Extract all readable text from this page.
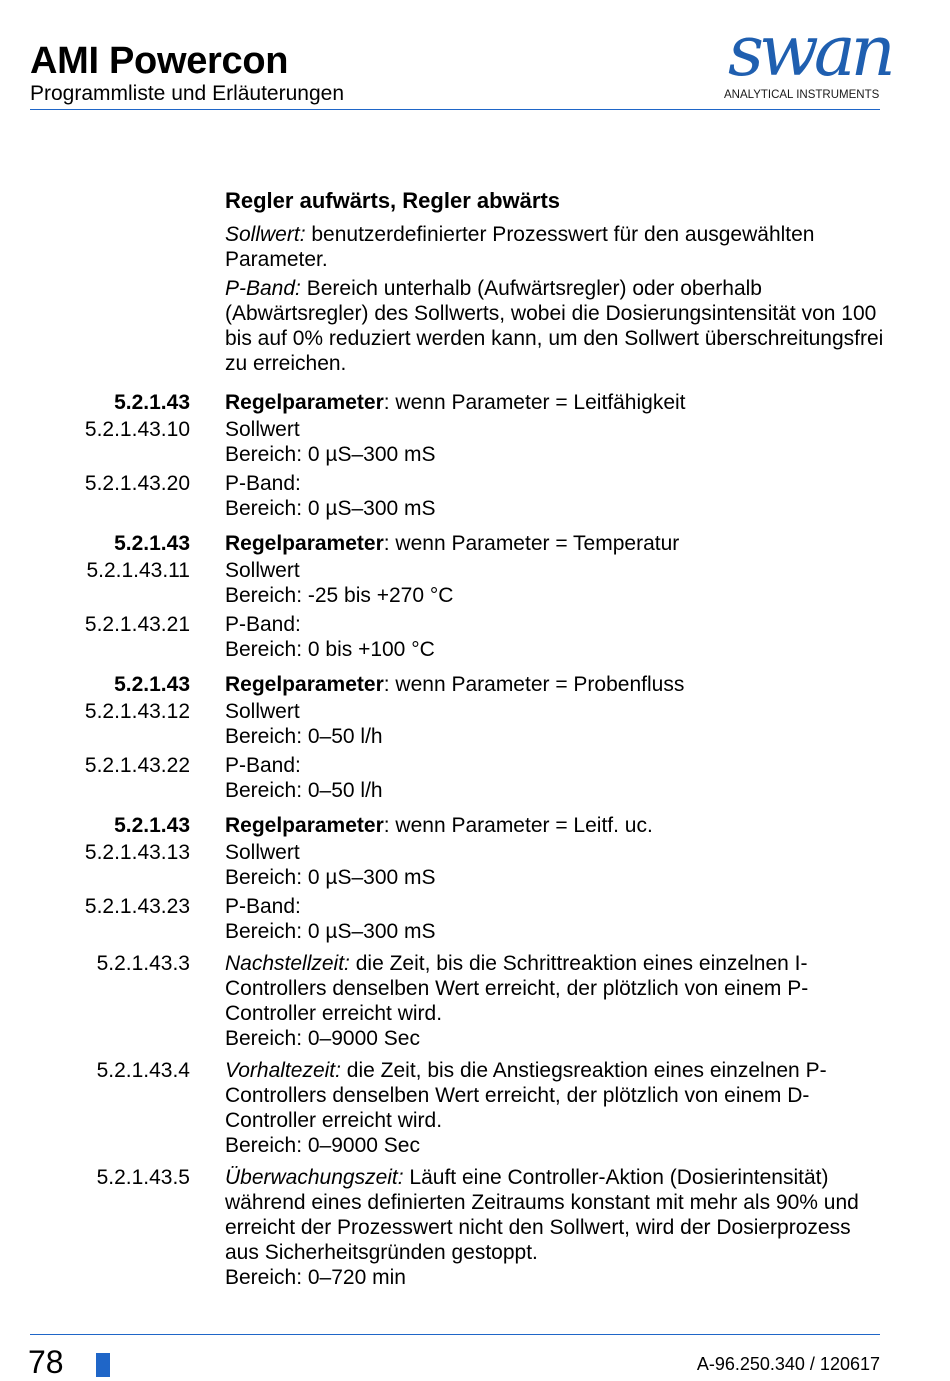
AMI Powercon
Programmliste und Erläuterungen
swan
ANALYTICAL INSTRUMENTS
Regler aufwärts, Regler abwärts

Sollwert: benutzerdefinierter Prozesswert für den ausgewählten Parameter.

P-Band: Bereich unterhalb (Aufwärtsregler) oder oberhalb (Abwärtsregler) des Sollwerts, wobei die Dosierungsintensität von 100 bis auf 0% reduziert werden kann, um den Sollwert überschreitungsfrei zu erreichen.

5.2.1.43 Regelparameter: wenn Parameter = Leitfähigkeit
5.2.1.43.10 Sollwert

Bereich: 0 µS–300 mS

5.2.1.43.20 P-Band:

Bereich: 0 µS–300 mS

5.2.1.43 Regelparameter: wenn Parameter = Temperatur
5.2.1.43.11 Sollwert

Bereich: -25 bis +270 °C

5.2.1.43.21 P-Band:

Bereich: 0 bis +100 °C

5.2.1.43 Regelparameter: wenn Parameter = Probenfluss
5.2.1.43.12 Sollwert

Bereich: 0–50 l/h

5.2.1.43.22 P-Band:

Bereich: 0–50 l/h

5.2.1.43 Regelparameter: wenn Parameter = Leitf. uc.
5.2.1.43.13 Sollwert

Bereich: 0 µS–300 mS

5.2.1.43.23 P-Band:

Bereich: 0 µS–300 mS

5.2.1.43.3 Nachstellzeit: die Zeit, bis die Schrittreaktion eines einzelnen I-Controllers denselben Wert erreicht, der plötzlich von einem P-Controller erreicht wird.

Bereich: 0–9000 Sec

5.2.1.43.4 Vorhaltezeit: die Zeit, bis die Anstiegsreaktion eines einzelnen P-Controllers denselben Wert erreicht, der plötzlich von einem D-Controller erreicht wird.

Bereich: 0–9000 Sec

5.2.1.43.5 Überwachungszeit: Läuft eine Controller-Aktion (Dosierintensität) während eines definierten Zeitraums konstant mit mehr als 90% und erreicht der Prozesswert nicht den Sollwert, wird der Dosierprozess aus Sicherheitsgründen gestoppt.

Bereich: 0–720 min

78	A-96.250.340 / 120617
